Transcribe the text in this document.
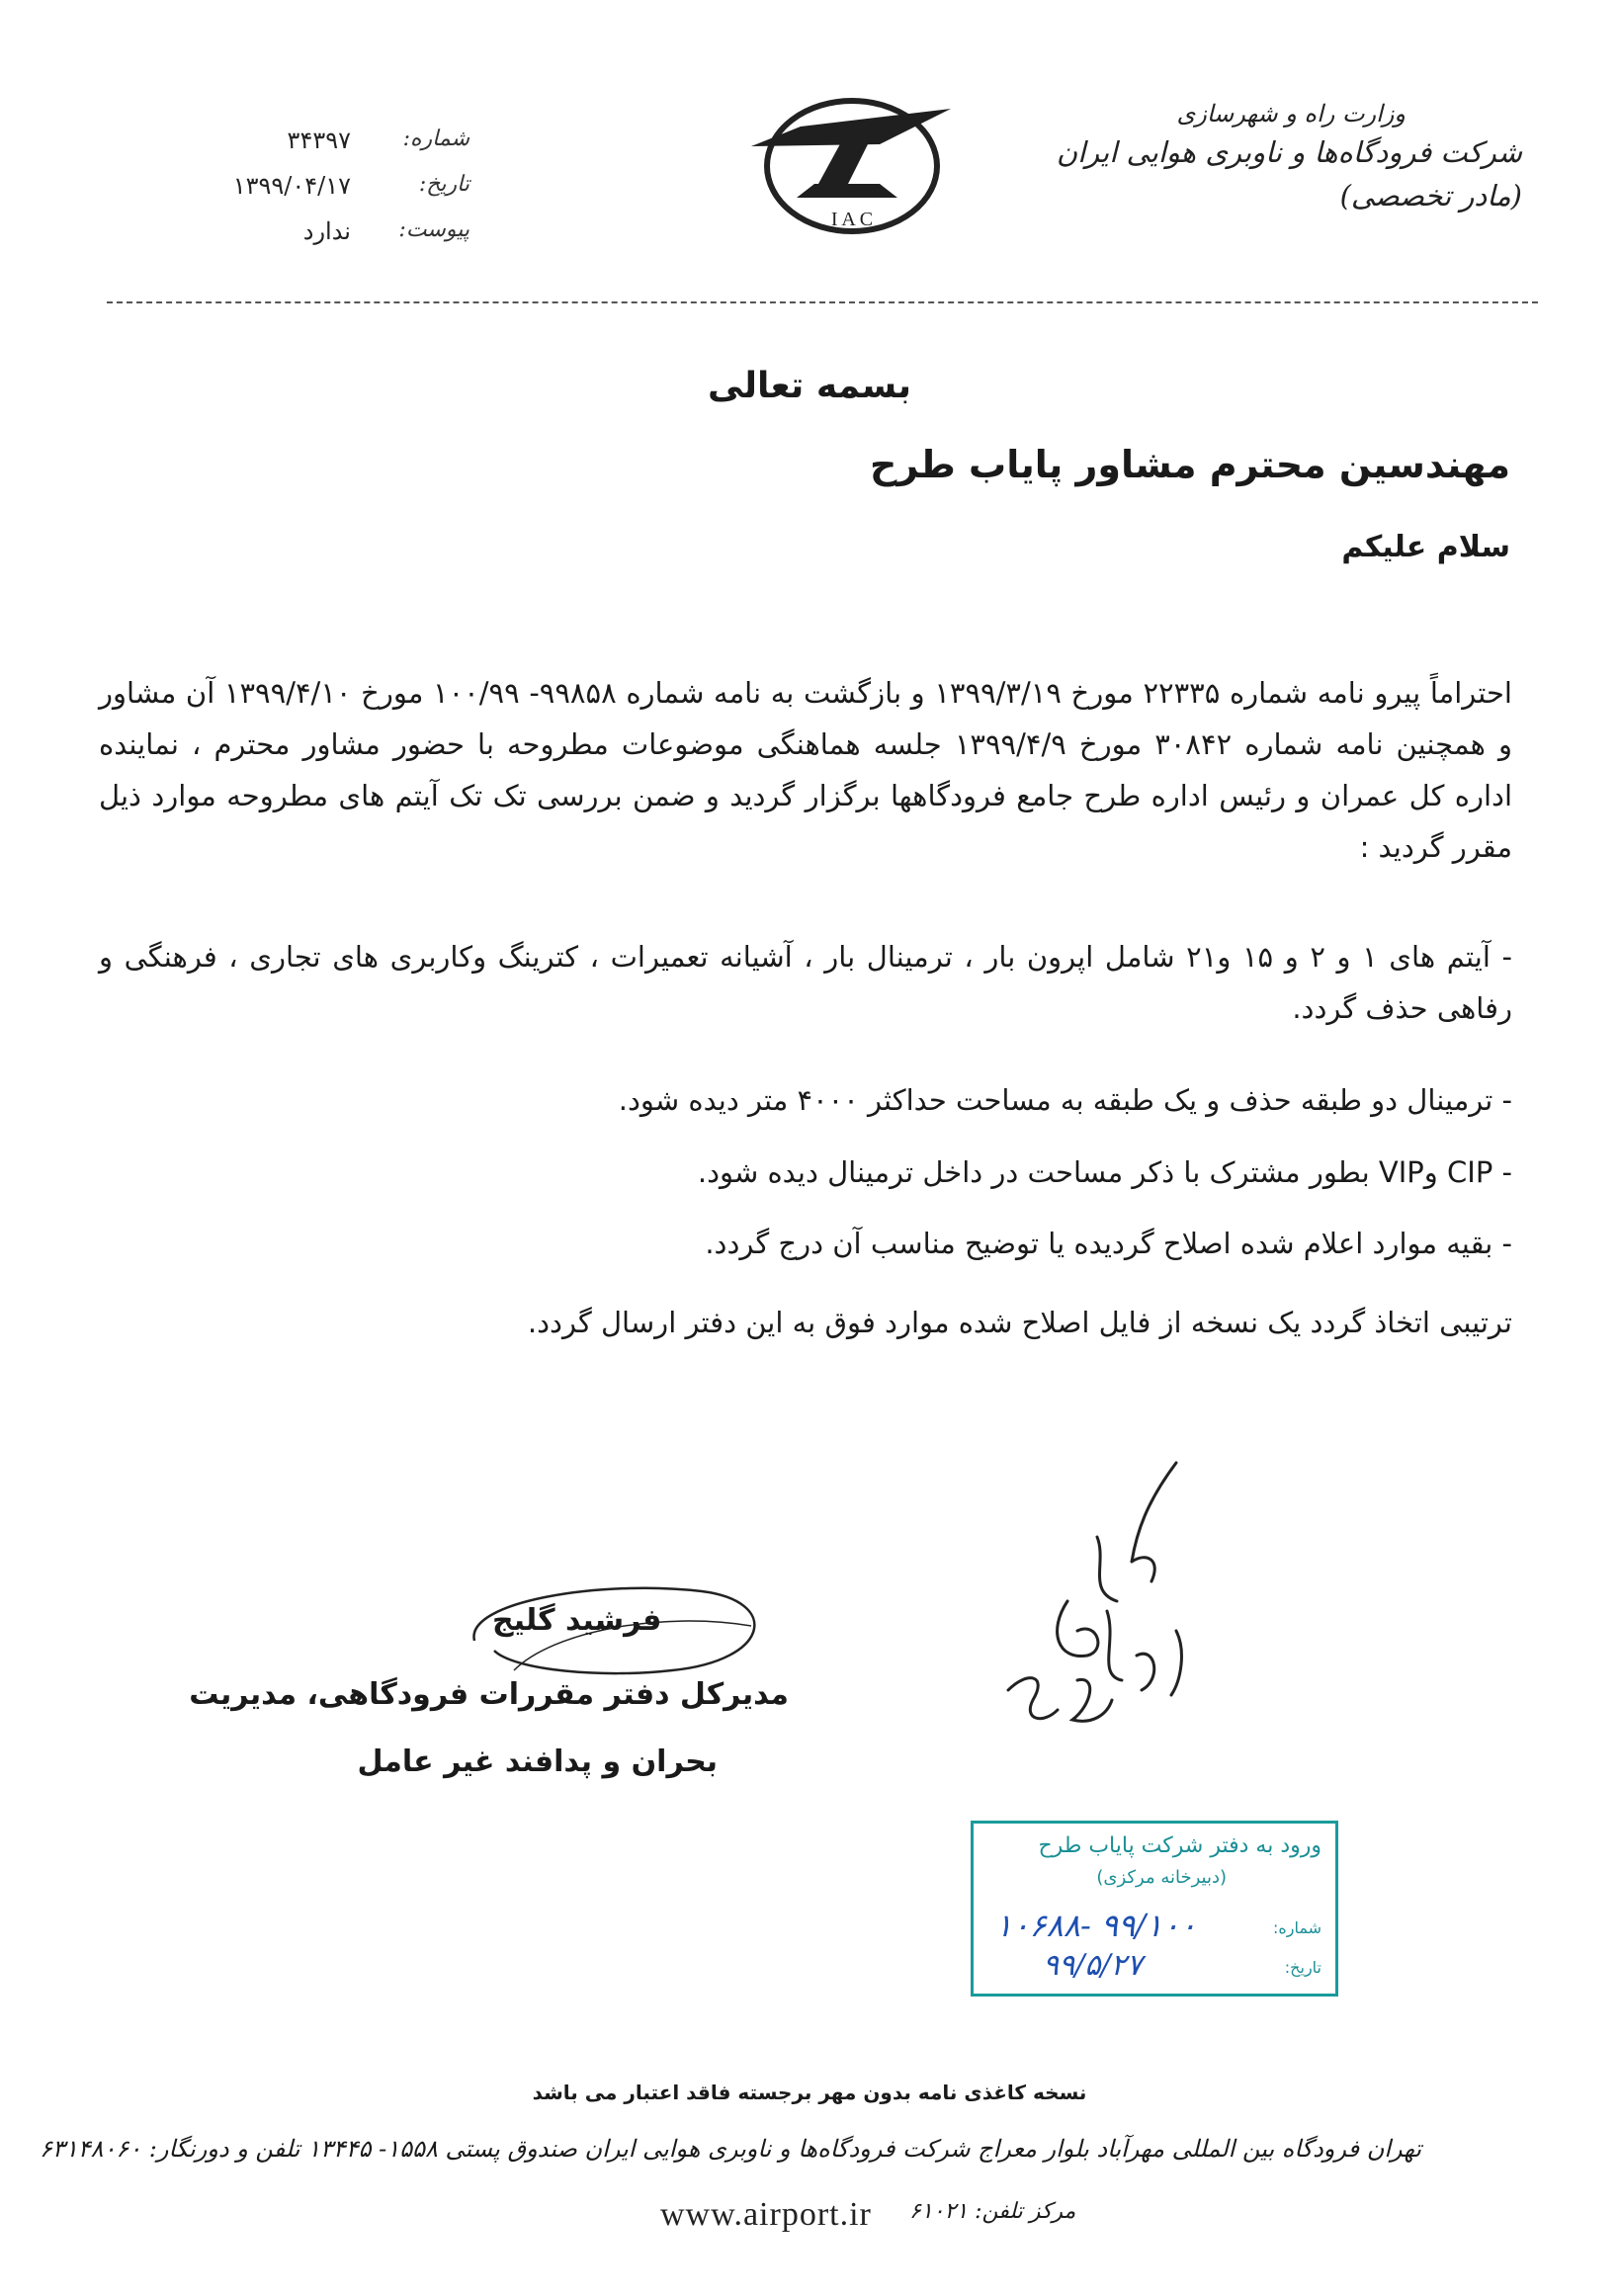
وزارت راه و شهرسازی
شرکت فرودگاه‌ها و ناوبری هوایی ایران (مادر تخصصی)
I A C
شماره:
۳۴۳۹۷
تاریخ:
۱۳۹۹/۰۴/۱۷
پیوست:
ندارد
بسمه تعالی
مهندسین محترم مشاور پایاب طرح
سلام علیکم
احتراماً پیرو نامه شماره ۲۲۳۳۵ مورخ ۱۳۹۹/۳/۱۹ و بازگشت به نامه شماره ۹۹۸۵۸- ۱۰۰/۹۹ مورخ ۱۳۹۹/۴/۱۰ آن مشاور و همچنین نامه شماره ۳۰۸۴۲ مورخ ۱۳۹۹/۴/۹ جلسه هماهنگی موضوعات مطروحه با حضور مشاور محترم ، نماینده اداره کل عمران و رئیس اداره طرح جامع فرودگاهها برگزار گردید و ضمن بررسی تک تک آیتم های مطروحه موارد ذیل مقرر گردید :
- آیتم های ۱ و ۲ و ۱۵ و۲۱ شامل اپرون بار ، ترمینال بار ، آشیانه تعمیرات ، کترینگ وکاربری های تجاری ، فرهنگی و رفاهی حذف گردد.
- ترمینال دو طبقه حذف و یک طبقه به مساحت حداکثر ۴۰۰۰ متر دیده شود.
- CIP وVIP بطور مشترک با ذکر مساحت در داخل ترمینال دیده شود.
- بقیه موارد اعلام شده اصلاح گردیده یا توضیح مناسب آن درج گردد.
ترتیبی اتخاذ گردد یک نسخه از فایل اصلاح شده موارد فوق به این دفتر ارسال گردد.
فرشید گلیج
مدیرکل دفتر مقررات فرودگاهی، مدیریت
بحران و پدافند غیر عامل
ورود به دفتر شرکت پایاب طرح
(دبیرخانه مرکزی)
شماره:
۱۰۶۸۸- ۹۹/۱۰۰
تاریخ:
۹۹/۵/۲۷
نسخه کاغذی نامه بدون مهر برجسته فاقد اعتبار می باشد
تهران فرودگاه بین المللی مهرآباد بلوار معراج شرکت فرودگاه‌ها و ناوبری هوایی ایران صندوق پستی ۱۵۵۸- ۱۳۴۴۵ تلفن و دورنگار: ۶۳۱۴۸۰۶۰
مرکز تلفن: ۶۱۰۲۱
www.airport.ir
